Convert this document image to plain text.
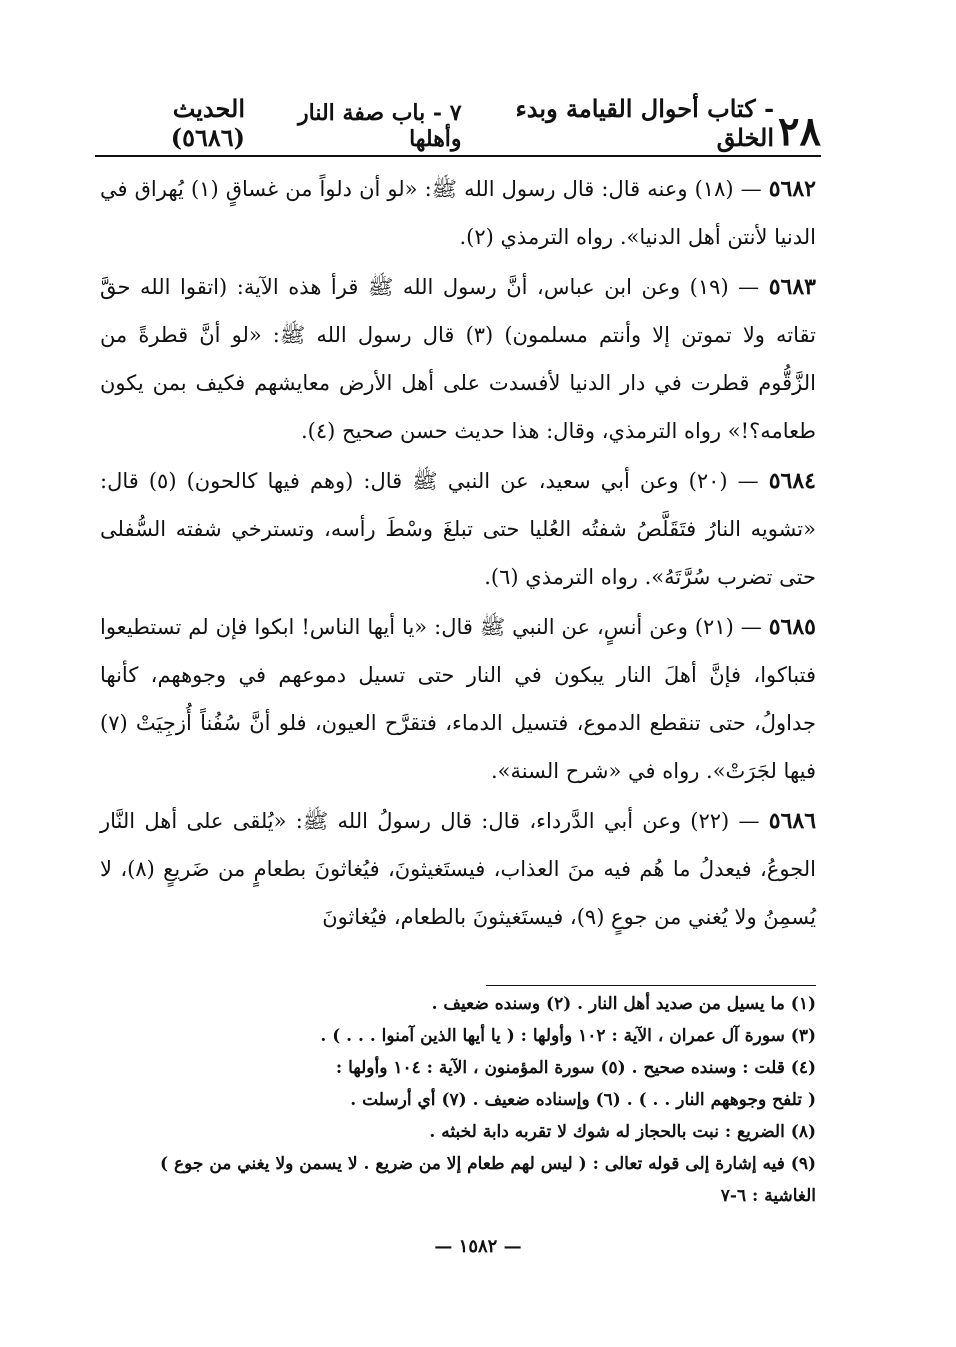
٢٨
- كتاب أحوال القيامة وبدء الخلق
٧ - باب صفة النار وأهلها
الحديث (٥٦٨٦)

٥٦٨٢ — (١٨) وعنه قال: قال رسول الله ﷺ: «لو أن دلواً من غساقٍ (١) يُهراق في الدنيا لأنتن أهل الدنيا». رواه الترمذي (٢).

٥٦٨٣ — (١٩) وعن ابن عباس، أنَّ رسول الله ﷺ قرأ هذه الآية: (اتقوا الله حقَّ تقاته ولا تموتن إلا وأنتم مسلمون) (٣) قال رسول الله ﷺ: «لو أنَّ قطرةً من الزَّقُّوم قطرت في دار الدنيا لأفسدت على أهل الأرض معايشهم فكيف بمن يكون طعامه؟!» رواه الترمذي، وقال: هذا حديث حسن صحيح (٤).

٥٦٨٤ — (٢٠) وعن أبي سعيد، عن النبي ﷺ قال: (وهم فيها كالحون) (٥) قال: «تشويه النارُ فتَقَلَّصُ شفتُه العُليا حتى تبلغَ وسْطَ رأسه، وتسترخي شفته السُّفلى حتى تضرب سُرَّتَهُ». رواه الترمذي (٦).

٥٦٨٥ — (٢١) وعن أنسٍ، عن النبي ﷺ قال: «يا أيها الناس! ابكوا فإن لم تستطيعوا فتباكوا، فإنَّ أهلَ النار يبكون في النار حتى تسيل دموعهم في وجوههم، كأنها جداولُ، حتى تنقطع الدموع، فتسيل الدماء، فتقرَّح العيون، فلو أنَّ سُفُناً أُزجِيَتْ (٧) فيها لجَرَتْ». رواه في «شرح السنة».

٥٦٨٦ — (٢٢) وعن أبي الدَّرداء، قال: قال رسولُ الله ﷺ: «يُلقى على أهل النَّار الجوعُ، فيعدلُ ما هُم فيه منَ العذاب، فيستَغيثونَ، فيُغاثونَ بطعامٍ من ضَريعٍ (٨)، لا يُسمِنُ ولا يُغني من جوعٍ (٩)، فيستَغيثونَ بالطعام، فيُغاثونَ

(١) ما يسيل من صديد أهل النار . (٢) وسنده ضعيف .
(٣) سورة آل عمران ، الآية : ١٠٢ وأولها : ( يا أيها الذين آمنوا . . . ) .
(٤) قلت : وسنده صحيح . (٥) سورة المؤمنون ، الآية : ١٠٤ وأولها :
( تلفح وجوههم النار . . ) . (٦) وإسناده ضعيف . (٧) أي أرسلت .
(٨) الضريع : نبت بالحجاز له شوك لا تقربه دابة لخبثه .
(٩) فيه إشارة إلى قوله تعالى : ( ليس لهم طعام إلا من ضريع . لا يسمن ولا يغني من جوع )
الغاشية : ٦-٧
— ١٥٨٢ —
